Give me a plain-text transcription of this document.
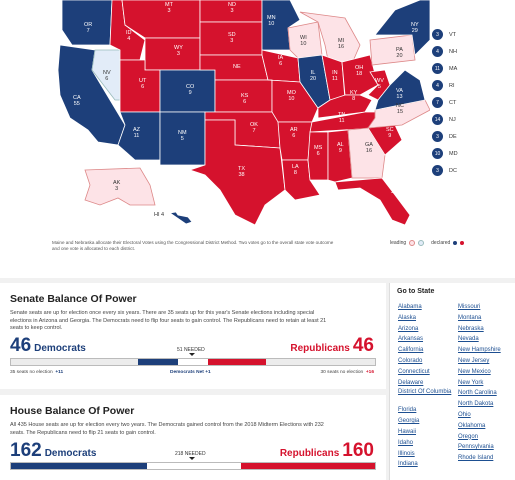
OR
7
MT
3
ND
3
MN
10
ID
4
WY
3
SD
3	WI
10	MI
16
NY
29
PA
20
NV
6	UT
6	CO
9
NE
IA
6
IL
20
IN
11
OH
18
CA
55
KS
6
MO
10
KY
8
WV
5
VA
13
AZ
11	NM
5
OK
7	AR
6
TN
11
NC
15
SC
9
MS
6
AL
9
GA
16
TX
38
LA
8
FL
29
AK
3
HI 4
3	VT
4	NH
11	MA
4	RI
7	CT
14	NJ
3	DE
10	MD
3	DC
Maine and Nebraska allocate their Electoral Votes using the Congressional District Method. Two votes go to the overall state vote outcome and one vote is allocated to each district.
leading	declared
Senate Balance Of Power
Senate seats are up for election once every six years. There are 35 seats up for this year's Senate elections including special elections in Arizona and Georgia. The Democrats need to flip four seats to gain control. The Republicans need to retain at least 21 seats to keep control.
46 Democrats	Republicans 46
51 NEEDED
35 seats no election +11	Democrats Net +1	30 seats no election +16
House Balance Of Power
All 435 House seats are up for election every two years. The Democrats gained control from the 2018 Midterm Elections with 232 seats. The Republicans need to flip 21 seats to gain control.
162 Democrats	Republicans 160
218 NEEDED
Go to State
Alabama
Alaska
Arizona
Arkansas
California
Colorado
Connecticut
Delaware
District Of Columbia
Florida
Georgia
Hawaii
Idaho
Illinois
Indiana
Missouri
Montana
Nebraska
Nevada
New Hampshire
New Jersey
New Mexico
New York
North Carolina
North Dakota
Ohio
Oklahoma
Oregon
Pennsylvania
Rhode Island
